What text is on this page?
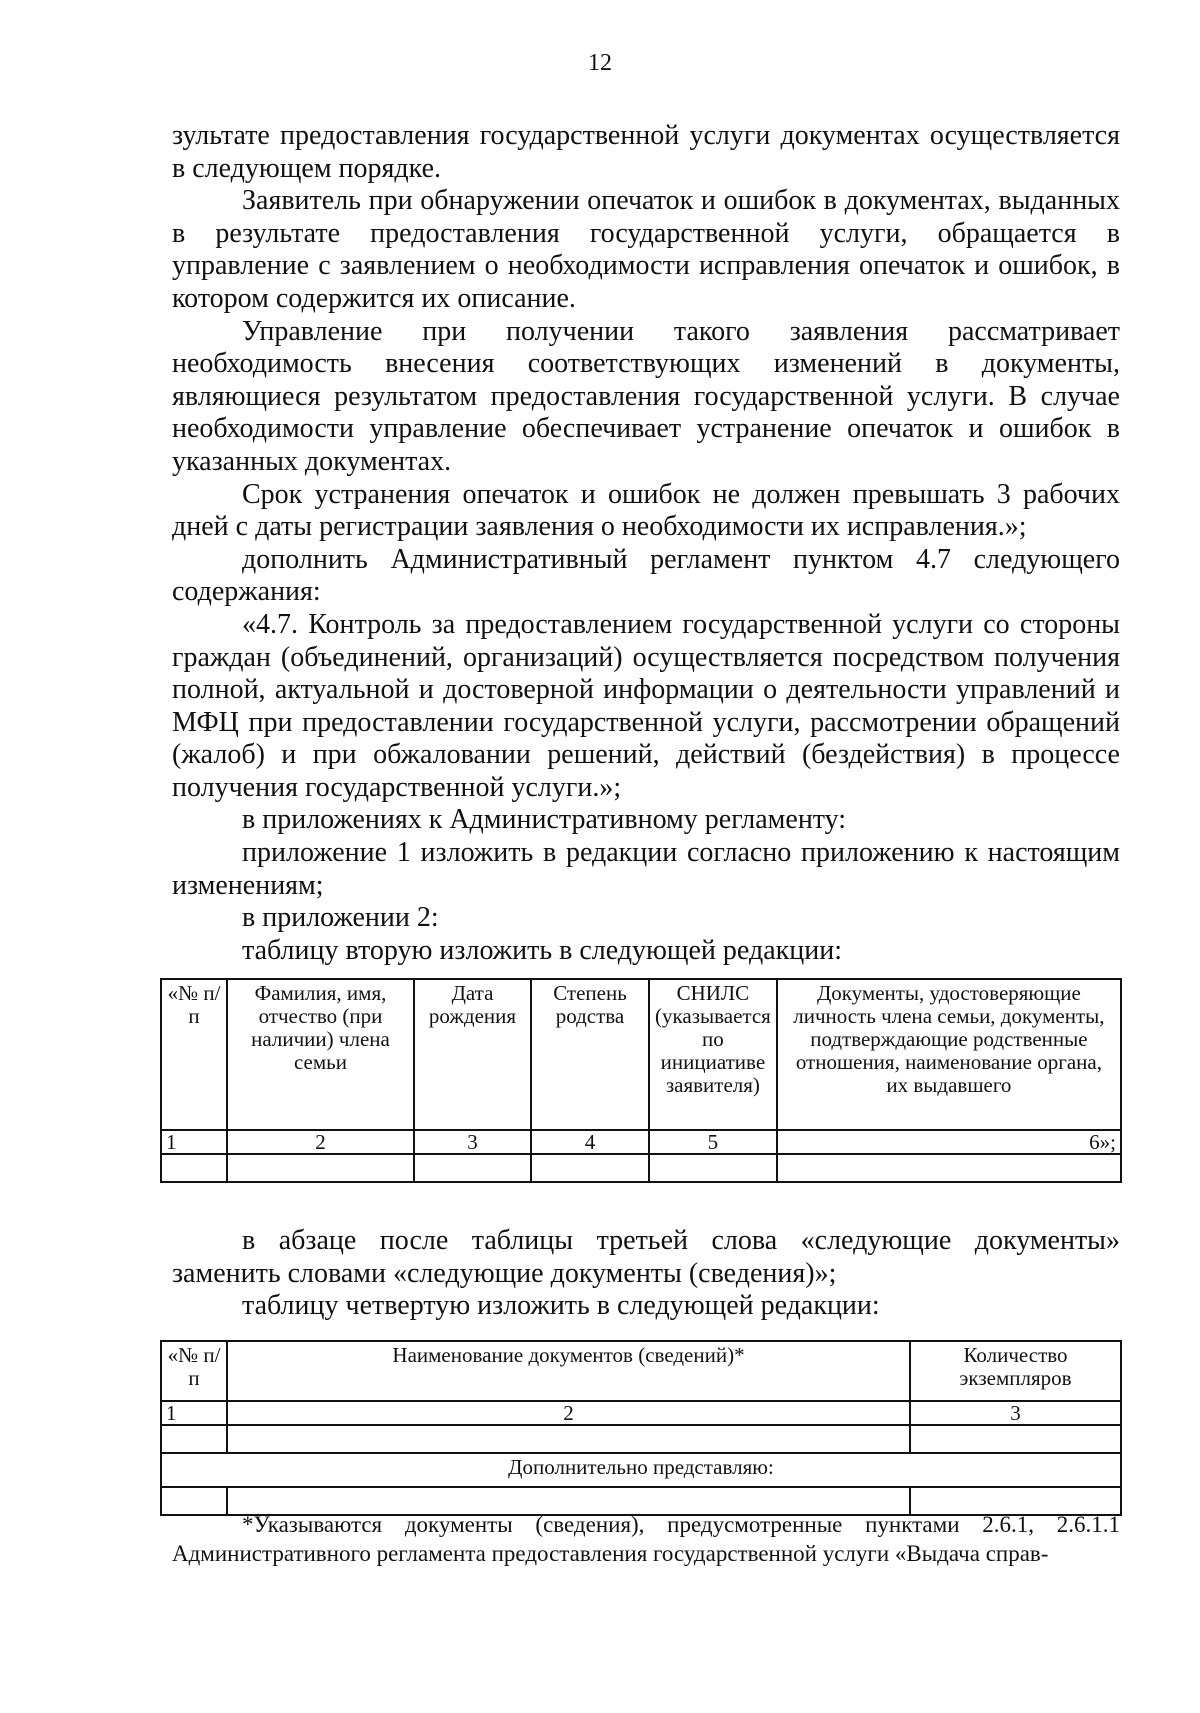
12

зультате предоставления государственной услуги документах осуществляется в следующем порядке.

Заявитель при обнаружении опечаток и ошибок в документах, выданных в результате предоставления государственной услуги, обращается в управление с заявлением о необходимости исправления опечаток и ошибок, в котором содержится их описание.

Управление при получении такого заявления рассматривает необходимость внесения соответствующих изменений в документы, являющиеся результатом предоставления государственной услуги. В случае необходимости управление обеспечивает устранение опечаток и ошибок в указанных документах.

Срок устранения опечаток и ошибок не должен превышать 3 рабочих дней с даты регистрации заявления о необходимости их исправления.»;

дополнить Административный регламент пунктом 4.7 следующего содержания:

«4.7. Контроль за предоставлением государственной услуги со стороны граждан (объединений, организаций) осуществляется посредством получения полной, актуальной и достоверной информации о деятельности управлений и МФЦ при предоставлении государственной услуги, рассмотрении обращений (жалоб) и при обжаловании решений, действий (бездействия) в процессе получения государственной услуги.»;

в приложениях к Административному регламенту:

приложение 1 изложить в редакции согласно приложению к настоящим изменениям;

в приложении 2:

таблицу вторую изложить в следующей редакции:

«№ п/п	Фамилия, имя, отчество (при наличии) члена семьи	Дата рождения	Степень родства	СНИЛС (указывается по инициативе заявителя)	Документы, удостоверяющие личность члена семьи, документы, подтверждающие родственные отношения, наименование органа, их выдавшего
1	2	3	4	5	6»;

в абзаце после таблицы третьей слова «следующие документы» заменить словами «следующие документы (сведения)»;

таблицу четвертую изложить в следующей редакции:

«№ п/п	Наименование документов (сведений)*	Количество экземпляров
1	2	3

Дополнительно представляю:		

*Указываются документы (сведения), предусмотренные пунктами 2.6.1, 2.6.1.1 Административного регламента предоставления государственной услуги «Выдача справ-
